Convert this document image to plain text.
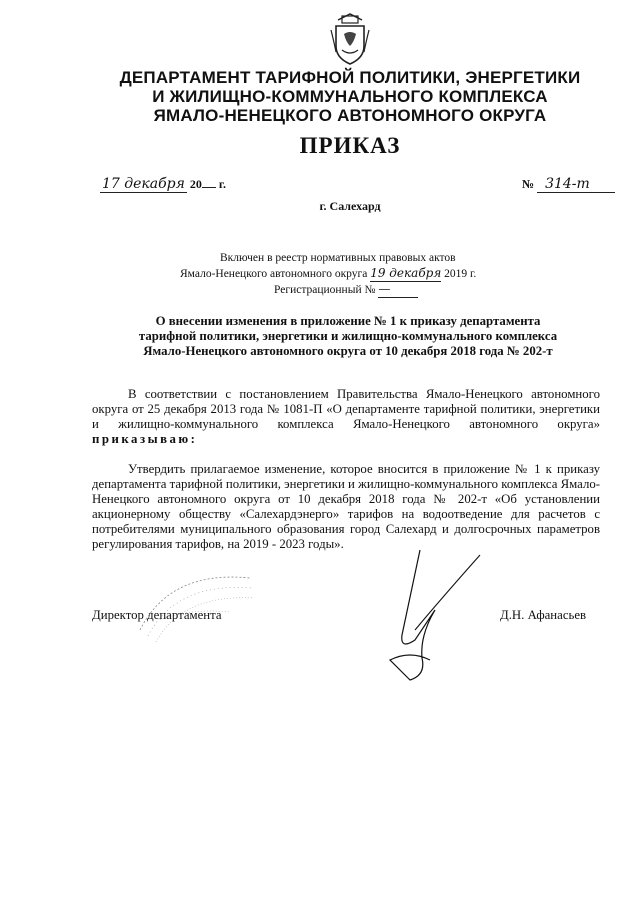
ДЕПАРТАМЕНТ ТАРИФНОЙ ПОЛИТИКИ, ЭНЕРГЕТИКИ
И ЖИЛИЩНО-КОММУНАЛЬНОГО КОМПЛЕКСА
ЯМАЛО-НЕНЕЦКОГО АВТОНОМНОГО ОКРУГА
ПРИКАЗ
17 декабря 20 г.	№ 314-т
г. Салехард
Включен в реестр нормативных правовых актов
Ямало-Ненецкого автономного округа 19 декабря 2019 г.
Регистрационный № —
О внесении изменения в приложение № 1 к приказу департамента
тарифной политики, энергетики и жилищно-коммунального комплекса
Ямало-Ненецкого автономного округа от 10 декабря 2018 года № 202-т
В соответствии с постановлением Правительства Ямало-Ненецкого автономного округа от 25 декабря 2013 года № 1081-П «О департаменте тарифной политики, энергетики и жилищно-коммунального комплекса Ямало-Ненецкого автономного округа» приказываю:
Утвердить прилагаемое изменение, которое вносится в приложение № 1 к приказу департамента тарифной политики, энергетики и жилищно-коммунального комплекса Ямало-Ненецкого автономного округа от 10 декабря 2018 года № 202-т «Об установлении акционерному обществу «Салехардэнерго» тарифов на водоотведение для расчетов с потребителями муниципального образования город Салехард и долгосрочных параметров регулирования тарифов, на 2019 - 2023 годы».
Директор департамента	Д.Н. Афанасьев
